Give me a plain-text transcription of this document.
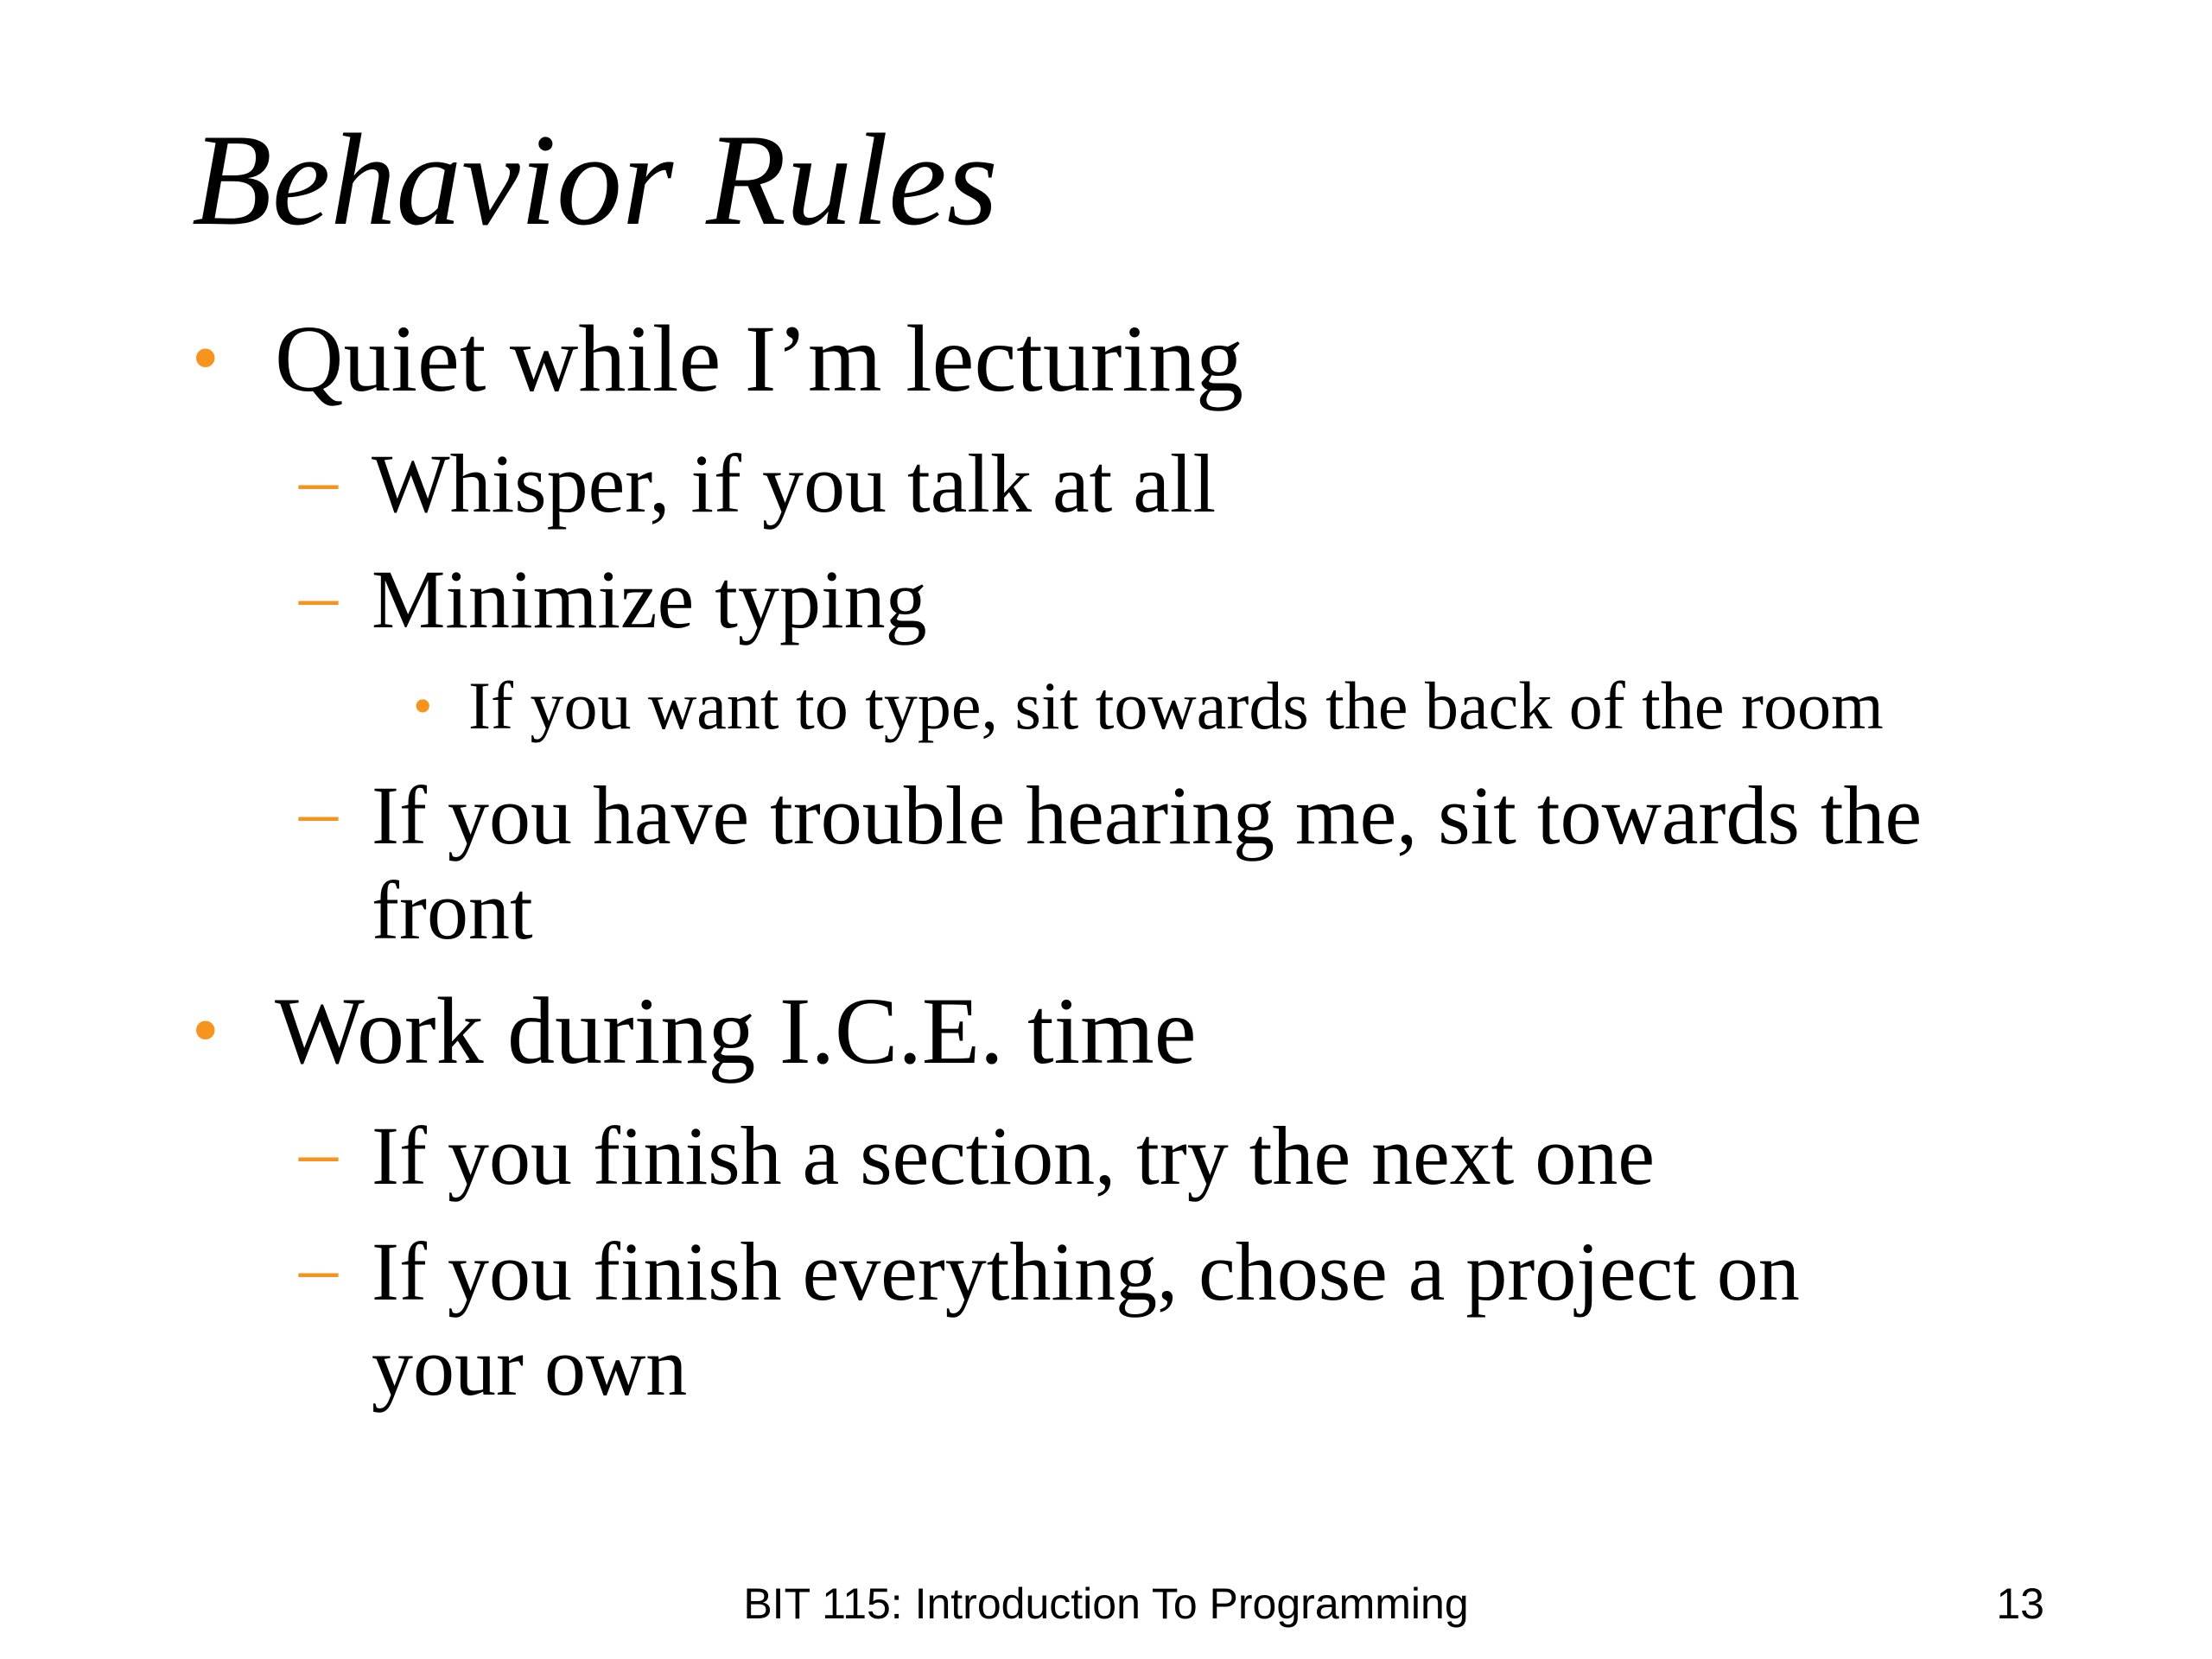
Behavior Rules
• Quiet while I’m lecturing
– Whisper, if you talk at all
– Minimize typing
• If you want to type, sit towards the back of the room
– If you have trouble hearing me, sit towards the
front
• Work during I.C.E. time
– If you finish a section, try the next one
– If you finish everything, chose a project on
your own
BIT 115: Introduction To Programming	13
